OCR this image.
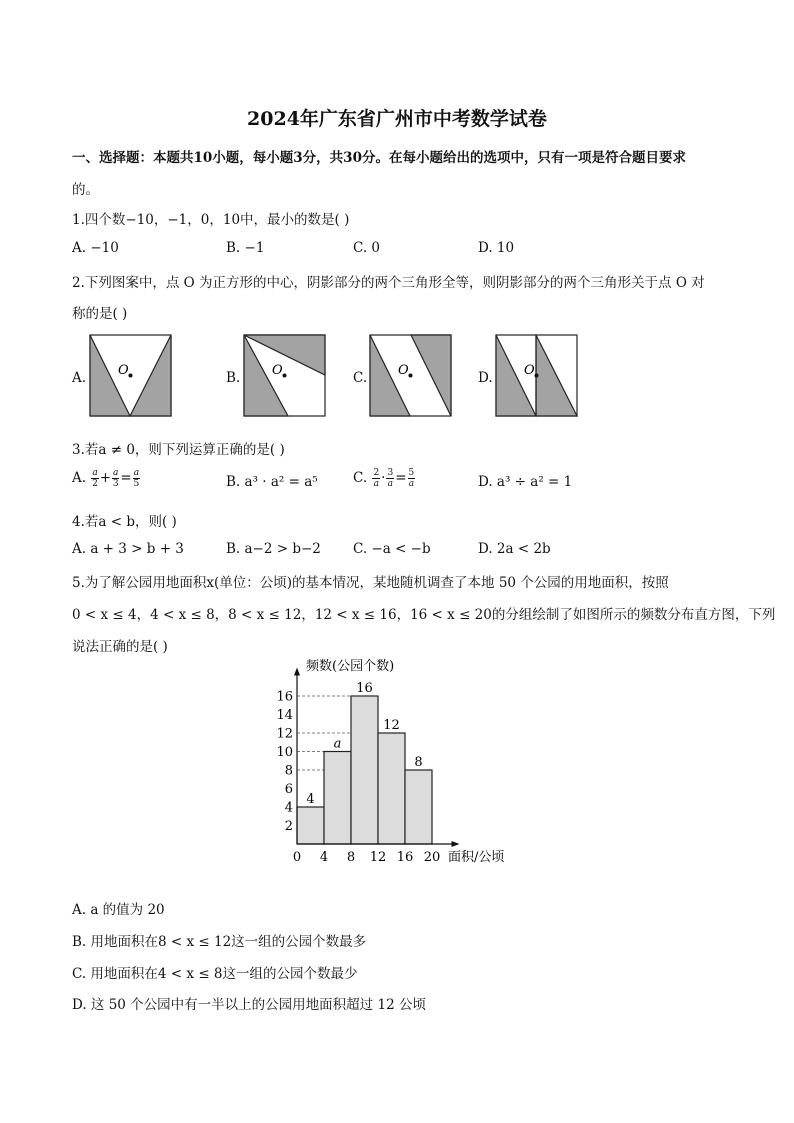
2024年广东省广州市中考数学试卷
一、选择题：本题共10小题，每小题3分，共30分。在每小题给出的选项中，只有一项是符合题目要求
的。
1.四个数−10，−1，0，10中，最小的数是( )
A. −10	B. −1	C. 0	D. 10
2.下列图案中，点 O 为正方形的中心，阴影部分的两个三角形全等，则阴影部分的两个三角形关于点 O 对
称的是( )
A. O	B. O	C. O	D. O
3.若a ≠ 0，则下列运算正确的是( )
A. $\frac{a}{2} + \frac{a}{3} = \frac{a}{5}$	B. a³ · a² = a⁵	C. $\frac{2}{a} \cdot \frac{3}{a} = \frac{5}{a}$	D. a³ ÷ a² = 1
4.若a < b，则( )
A. a + 3 > b + 3	B. a−2 > b−2 C. −a < −b	D. 2a < 2b
5.为了解公园用地面积x(单位：公顷)的基本情况，某地随机调查了本地 50 个公园的用地面积，按照
0 < x ≤ 4，4 < x ≤ 8，8 < x ≤ 12，12 < x ≤ 16，16 < x ≤ 20的分组绘制了如图所示的频数分布直方图，下列
说法正确的是( )
频数(公园个数)
面积/公顷
4
a
16
12
8
2
4
6
8
10
12
14
16
0 4 8 12 16 20
A. a 的值为 20
B. 用地面积在8 < x ≤ 12这一组的公园个数最多
C. 用地面积在4 < x ≤ 8这一组的公园个数最少
D. 这 50 个公园中有一半以上的公园用地面积超过 12 公顷
